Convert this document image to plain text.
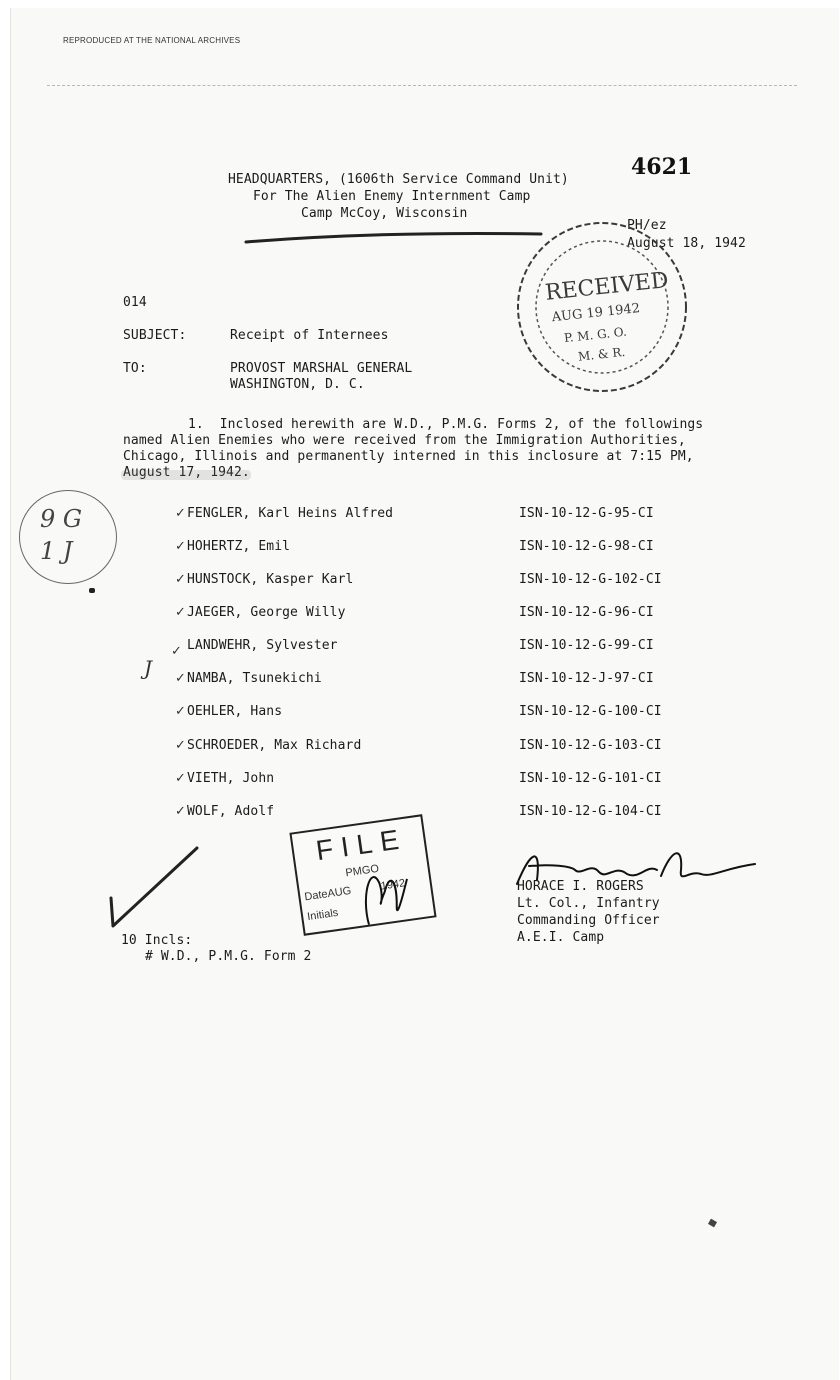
REPRODUCED AT THE NATIONAL ARCHIVES
4621
HEADQUARTERS, (1606th Service Command Unit)
For The Alien Enemy Internment Camp
Camp McCoy, Wisconsin
PH/ez
August 18, 1942
RECEIVED
AUG 19 1942
P. M. G. O.
M. & R.
014
SUBJECT:	Receipt of Internees
TO:	PROVOST MARSHAL GENERAL
WASHINGTON, D. C.
1.  Inclosed herewith are W.D., P.M.G. Forms 2, of the followings
named Alien Enemies who were received from the Immigration Authorities,
Chicago, Illinois and permanently interned in this inclosure at 7:15 PM,
August 17, 1942.
9 G
1 J
✓ FENGLER, Karl Heins Alfred	ISN-10-12-G-95-CI
✓ HOHERTZ, Emil	ISN-10-12-G-98-CI
✓ HUNSTOCK, Kasper Karl	ISN-10-12-G-102-CI
✓ JAEGER, George Willy	ISN-10-12-G-96-CI
✓ LANDWEHR, Sylvester	ISN-10-12-G-99-CI
✓ NAMBA, Tsunekichi	ISN-10-12-J-97-CI
✓ OEHLER, Hans	ISN-10-12-G-100-CI
✓ SCHROEDER, Max Richard	ISN-10-12-G-103-CI
✓ VIETH, John	ISN-10-12-G-101-CI
✓ WOLF, Adolf	ISN-10-12-G-104-CI
J
FILE
PMGO
DateAUG	1942
Initials
HORACE I. ROGERS
Lt. Col., Infantry
Commanding Officer
A.E.I. Camp
10 Incls:
# W.D., P.M.G. Form 2
